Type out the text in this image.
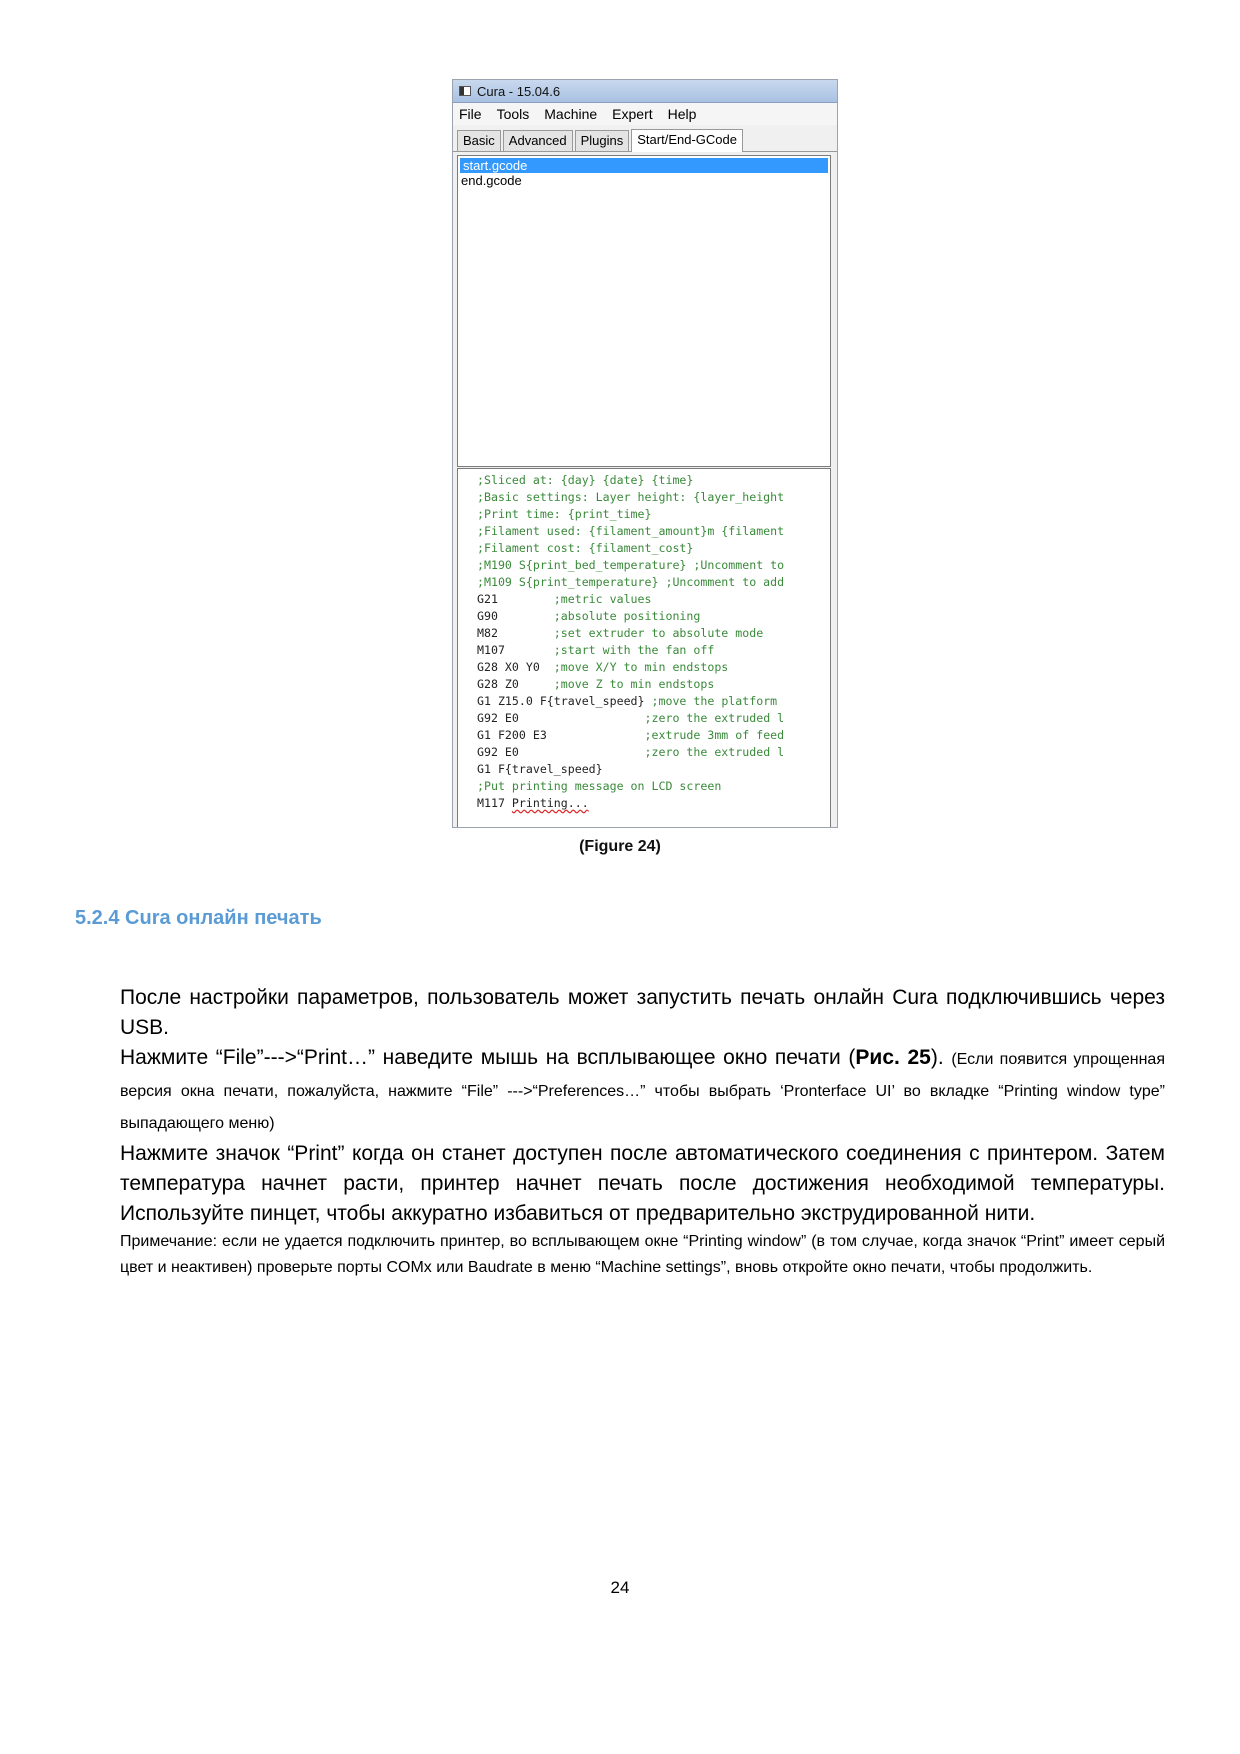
Cura - 15.04.6
File Tools Machine Expert Help
Basic	Advanced	Plugins	Start/End-GCode
start.gcode
end.gcode
;Sliced at: {day} {date} {time}
;Basic settings: Layer height: {layer_height
;Print time: {print_time}
;Filament used: {filament_amount}m {filament
;Filament cost: {filament_cost}
;M190 S{print_bed_temperature} ;Uncomment to
;M109 S{print_temperature} ;Uncomment to add
G21        ;metric values
G90        ;absolute positioning
M82        ;set extruder to absolute mode
M107       ;start with the fan off
G28 X0 Y0  ;move X/Y to min endstops
G28 Z0     ;move Z to min endstops
G1 Z15.0 F{travel_speed} ;move the platform
G92 E0                  ;zero the extruded l
G1 F200 E3              ;extrude 3mm of feed
G92 E0                  ;zero the extruded l
G1 F{travel_speed}
;Put printing message on LCD screen
M117 Printing...
(Figure 24)
5.2.4 Cura онлайн печать

После настройки параметров, пользователь может запустить печать онлайн Cura подключившись через USB.

Нажмите “File”--->“Print…” наведите мышь на всплывающее окно печати (Рис. 25). (Если появится упрощенная версия окна печати, пожалуйста, нажмите “File” --->“Preferences…” чтобы выбрать ‘Pronterface UI’ во вкладке “Printing window type” выпадающего меню)

Нажмите значок “Print” когда он станет доступен после автоматического соединения с принтером. Затем температура начнет расти, принтер начнет печать после достижения необходимой температуры. Используйте пинцет, чтобы аккуратно избавиться от предварительно экструдированной нити.

Примечание: если не удается подключить принтер, во всплывающем окне “Printing window” (в том случае, когда значок “Print” имеет серый цвет и неактивен) проверьте порты COMx или Baudrate в меню “Machine settings”, вновь откройте окно печати, чтобы продолжить.

24
